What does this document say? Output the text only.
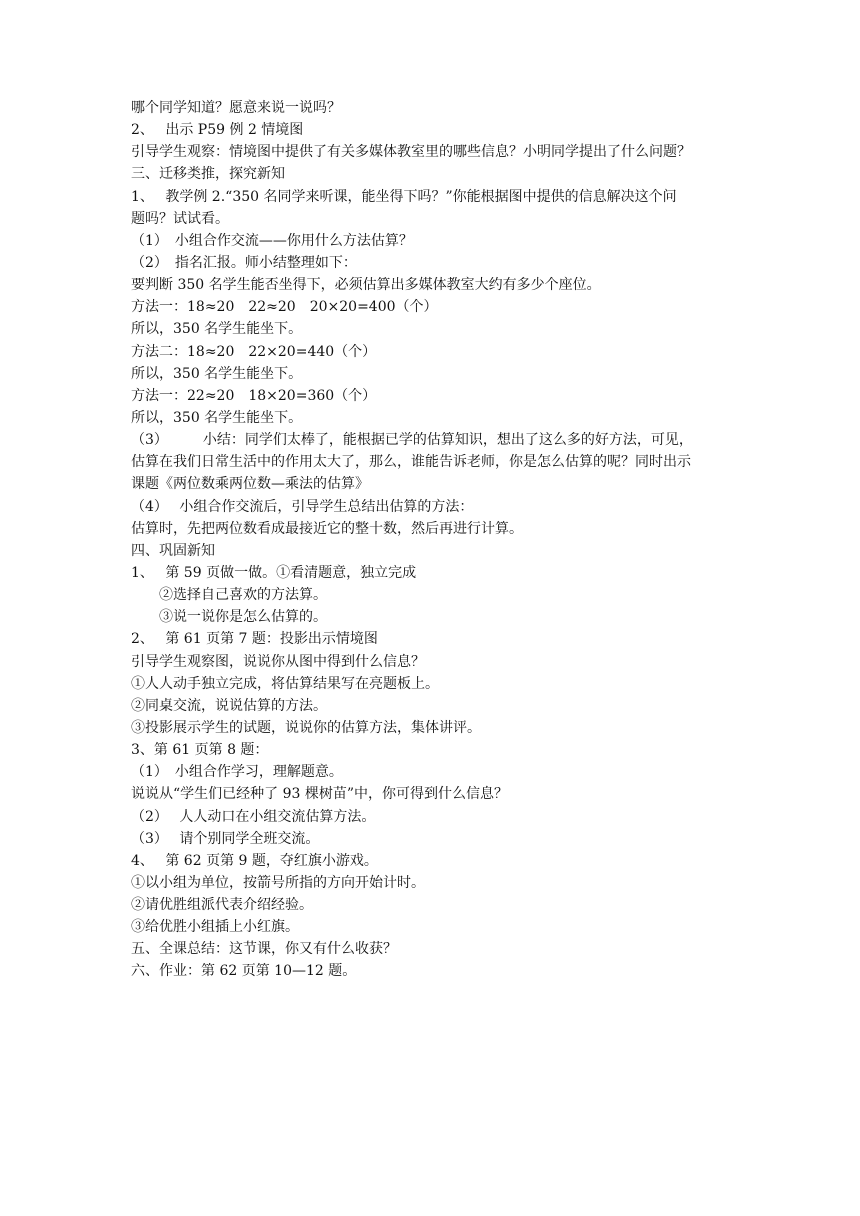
哪个同学知道？愿意来说一说吗？
2、　 出示 P59 例 2 情境图
引导学生观察：情境图中提供了有关多媒体教室里的哪些信息？小明同学提出了什么问题？
三、迁移类推，探究新知
1、　 教学例 2.“350 名同学来听课，能坐得下吗？”你能根据图中提供的信息解决这个问
题吗？试试看。
（1）　小组合作交流——你用什么方法估算？
（2）　指名汇报。师小结整理如下：
要判断 350 名学生能否坐得下，必须估算出多媒体教室大约有多少个座位。
方法一：18≈20　22≈20　20×20=400（个）
所以，350 名学生能坐下。
方法二：18≈20　22×20=440（个）
所以，350 名学生能坐下。
方法一：22≈20　18×20=360（个）
所以，350 名学生能坐下。
（3）　　　小结：同学们太棒了，能根据已学的估算知识，想出了这么多的好方法，可见，
估算在我们日常生活中的作用太大了，那么，谁能告诉老师，你是怎么估算的呢？同时出示
课题《两位数乘两位数—乘法的估算》
（4）　 小组合作交流后，引导学生总结出估算的方法：
估算时，先把两位数看成最接近它的整十数，然后再进行计算。
四、巩固新知
1、　 第 59 页做一做。①看清题意，独立完成
②选择自己喜欢的方法算。
③说一说你是怎么估算的。
2、　 第 61 页第 7 题：投影出示情境图
引导学生观察图，说说你从图中得到什么信息？
①人人动手独立完成，将估算结果写在亮题板上。
②同桌交流，说说估算的方法。
③投影展示学生的试题，说说你的估算方法，集体讲评。
3、第 61 页第 8 题：
（1）　小组合作学习，理解题意。
说说从“学生们已经种了 93 棵树苗”中，你可得到什么信息？
（2）　 人人动口在小组交流估算方法。
（3）　 请个别同学全班交流。
4、　 第 62 页第 9 题，夺红旗小游戏。
①以小组为单位，按箭号所指的方向开始计时。
②请优胜组派代表介绍经验。
③给优胜小组插上小红旗。
五、全课总结：这节课，你又有什么收获？
六、作业：第 62 页第 10—12 题。
